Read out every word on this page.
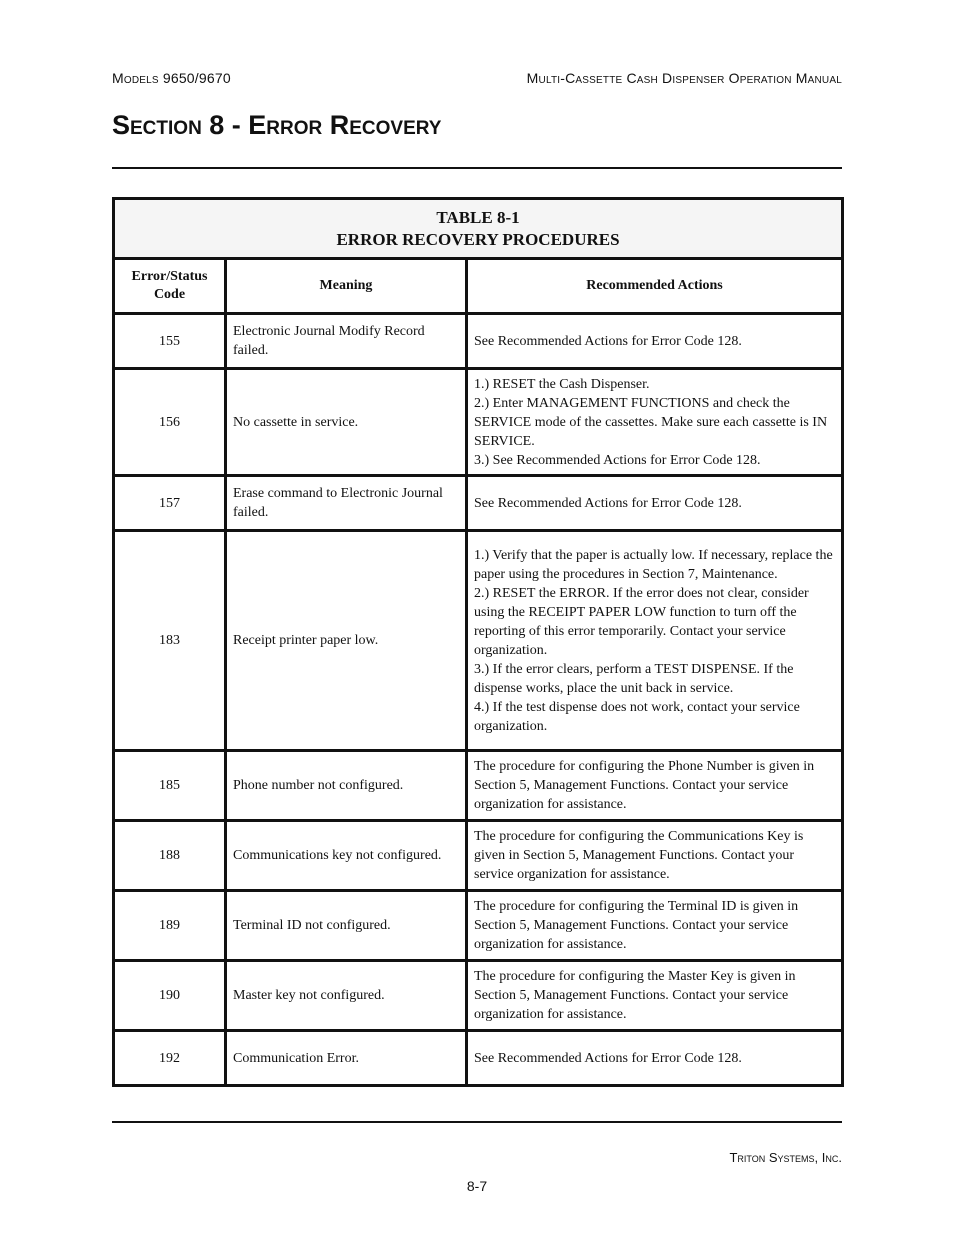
Models 9650/9670	Multi-Cassette Cash Dispenser Operation Manual
Section 8 - Error Recovery
TABLE 8-1
ERROR RECOVERY PROCEDURES		

Error/Status Code	Meaning	Recommended Actions
155	Electronic Journal Modify Record failed.	See Recommended Actions for Error Code 128.

156	No cassette in service.	1.) RESET the Cash Dispenser.
2.) Enter MANAGEMENT FUNCTIONS and check the SERVICE mode of the cassettes. Make sure each cassette is IN SERVICE.
3.) See Recommended Actions for Error Code 128.

157	Erase command to Electronic Journal failed.	See Recommended Actions for Error Code 128.

183	Receipt printer paper low.	1.) Verify that the paper is actually low. If necessary, replace the paper using the procedures in Section 7, Maintenance.
2.) RESET the ERROR. If the error does not clear, consider using the RECEIPT PAPER LOW function to turn off the reporting of this error temporarily. Contact your service organization.
3.) If the error clears, perform a TEST DISPENSE. If the dispense works, place the unit back in service.
4.) If the test dispense does not work, contact your service organization.

185	Phone number not configured.	The procedure for configuring the Phone Number is given in Section 5, Management Functions. Contact your service organization for assistance.

188	Communications key not configured.	The procedure for configuring the Communications Key is given in Section 5, Management Functions. Contact your service organization for assistance.

189	Terminal ID not configured.	The procedure for configuring the Terminal ID is given in Section 5, Management Functions. Contact your service organization for assistance.

190	Master key not configured.	The procedure for configuring the Master Key is given in Section 5, Management Functions. Contact your service organization for assistance.

192	Communication Error.	See Recommended Actions for Error Code 128.
Triton Systems, Inc.
8-7
